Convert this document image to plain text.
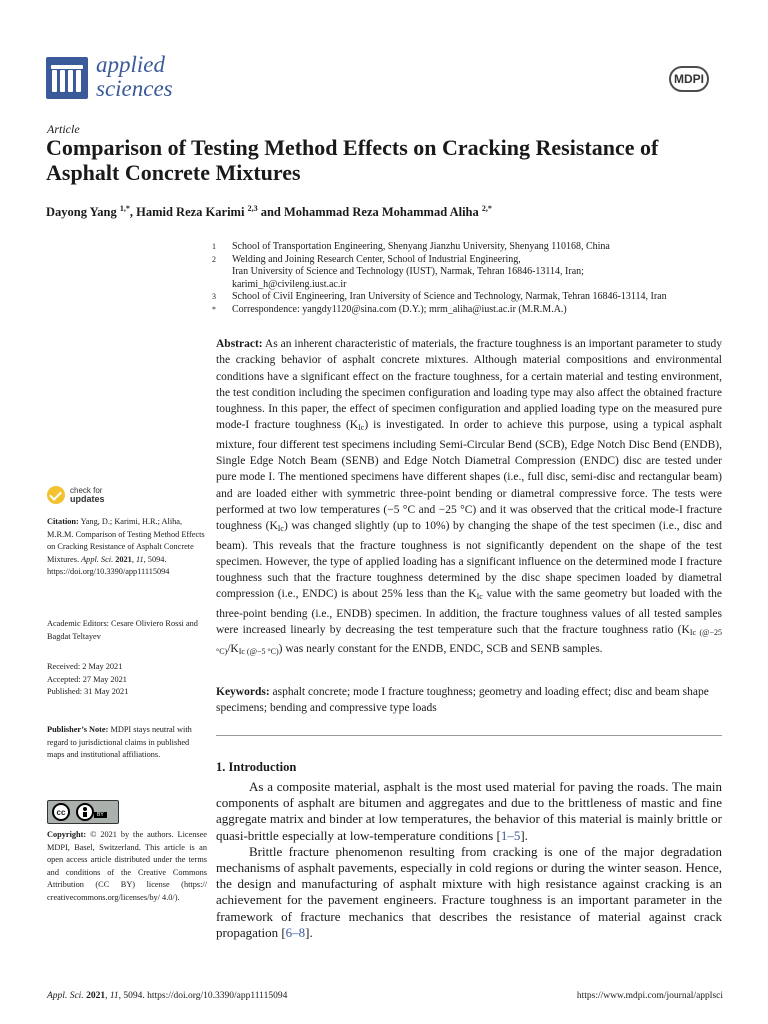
applied
sciences	MDPI
Article
Comparison of Testing Method Effects on Cracking Resistance of Asphalt Concrete Mixtures
Dayong Yang $^{1,*}$, Hamid Reza Karimi $^{2,3}$ and Mohammad Reza Mohammad Aliha $^{2,*}$
1	School of Transportation Engineering, Shenyang Jianzhu University, Shenyang 110168, China
2	Welding and Joining Research Center, School of Industrial Engineering,
Iran University of Science and Technology (IUST), Narmak, Tehran 16846-13114, Iran;
karimi_h@civileng.iust.ac.ir
3	School of Civil Engineering, Iran University of Science and Technology, Narmak, Tehran 16846-13114, Iran
*	Correspondence: yangdy1120@sina.com (D.Y.); mrm_aliha@iust.ac.ir (M.R.M.A.)
Abstract: As an inherent characteristic of materials, the fracture toughness is an important parameter to study the cracking behavior of asphalt concrete mixtures. Although material compositions and environmental conditions have a significant effect on the fracture toughness, for a certain material and testing environment, the test condition including the specimen configuration and loading type may also affect the obtained fracture toughness. In this paper, the effect of specimen configuration and applied loading type on the measured pure mode-I fracture toughness $(K_{Ic})$ is investigated. In order to achieve this purpose, using a typical asphalt mixture, four different test specimens including Semi-Circular Bend (SCB), Edge Notch Disc Bend (ENDB), Single Edge Notch Beam (SENB) and Edge Notch Diametral Compression (ENDC) disc are tested under pure mode I. The mentioned specimens have different shapes (i.e., full disc, semi-disc and rectangular beam) and are loaded either with symmetric three-point bending or diametral compressive force. The tests were performed at two low temperatures (−5 °C and −25 °C) and it was observed that the critical mode-I fracture toughness $(K_{Ic})$ was changed slightly (up to 10%) by changing the shape of the test specimen (i.e., disc and beam). This reveals that the fracture toughness is not significantly dependent on the shape of the test specimen. However, the type of applied loading has a significant influence on the determined mode I fracture toughness such that the fracture toughness determined by the disc shape specimen loaded by diametral compression (i.e., ENDC) is about 25% less than the $K_{Ic}$ value with the same geometry but loaded with the three-point bending (i.e., ENDB) specimen. In addition, the fracture toughness values of all tested samples were increased linearly by decreasing the test temperature such that the fracture toughness ratio $(K_{Ic (@-25 ^\circ C)}/K_{Ic (@-5 ^\circ C)})$ was nearly constant for the ENDB, ENDC, SCB and SENB samples.
Keywords: asphalt concrete; mode I fracture toughness; geometry and loading effect; disc and beam shape specimens; bending and compressive type loads
check for
updates
Citation: Yang, D.; Karimi, H.R.; Aliha, M.R.M. Comparison of Testing Method Effects on Cracking Resistance of Asphalt Concrete Mixtures. Appl. Sci. 2021, 11, 5094. https://doi.org/10.3390/app11115094
Academic Editors: Cesare Oliviero Rossi and Bagdat Teltayev
Received: 2 May 2021
Accepted: 27 May 2021
Published: 31 May 2021
Publisher’s Note: MDPI stays neutral with regard to jurisdictional claims in published maps and institutional affiliations.
cc	BY
Copyright: © 2021 by the authors. Licensee MDPI, Basel, Switzerland. This article is an open access article distributed under the terms and conditions of the Creative Commons Attribution (CC BY) license (https:// creativecommons.org/licenses/by/ 4.0/).
1. Introduction

As a composite material, asphalt is the most used material for paving the roads. The main components of asphalt are bitumen and aggregates and due to the brittleness of mastic and fine aggregate matrix and binder at low temperatures, the behavior of this material is mainly brittle or quasi-brittle especially at low-temperature conditions [1–5].

Brittle fracture phenomenon resulting from cracking is one of the major degradation mechanisms of asphalt pavements, especially in cold regions or during the winter season. Hence, the design and manufacturing of asphalt mixture with high resistance against cracking is an achievement for the pavement engineers. Fracture toughness is an important parameter in the framework of fracture mechanics that describes the resistance of material against crack propagation [6–8].

Appl. Sci. 2021, 11, 5094. https://doi.org/10.3390/app11115094	https://www.mdpi.com/journal/applsci
